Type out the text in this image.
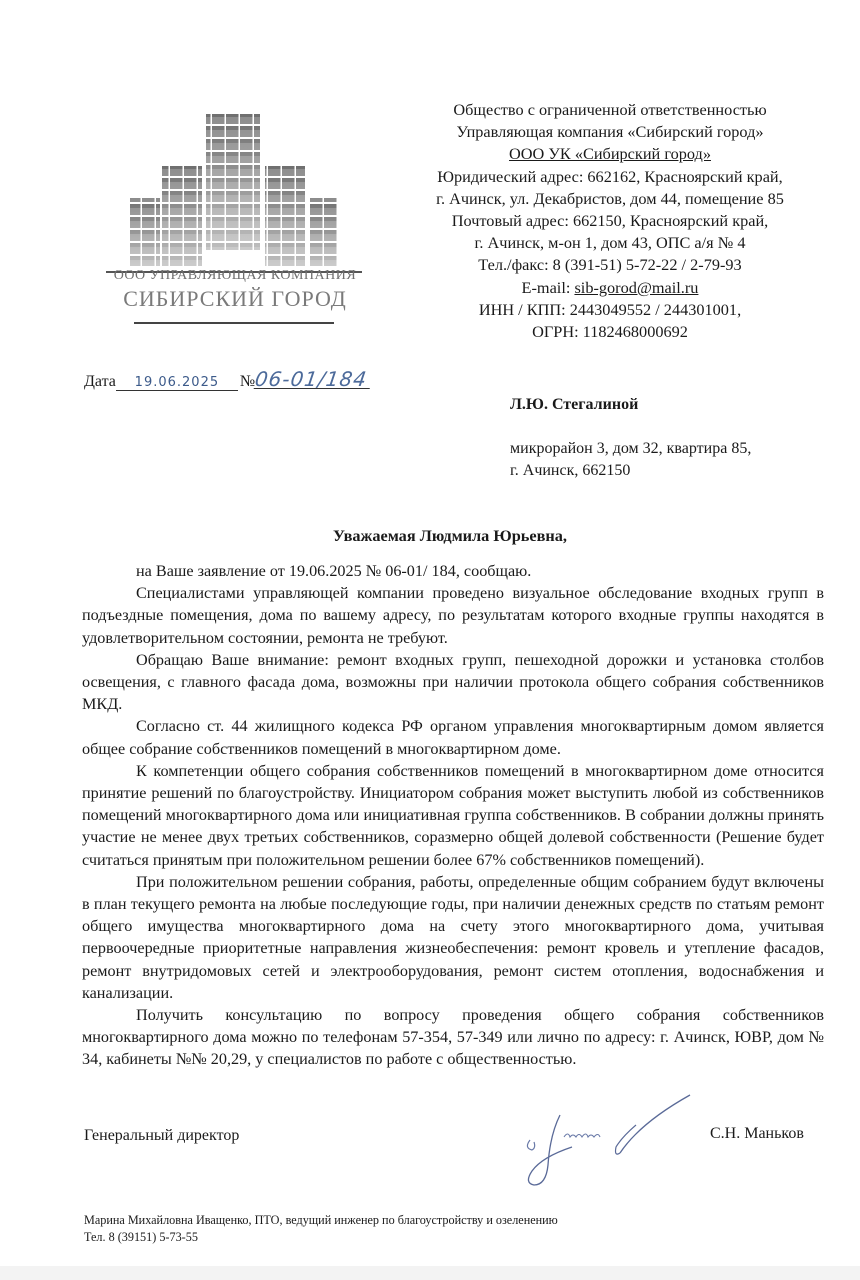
ООО УПРАВЛЯЮЩАЯ КОМПАНИЯ
СИБИРСКИЙ ГОРОД
Общество с ограниченной ответственностью
Управляющая компания «Сибирский город»
ООО УК «Сибирский город»
Юридический адрес: 662162, Красноярский край,
г. Ачинск, ул. Декабристов, дом 44, помещение 85
Почтовый адрес: 662150, Красноярский край,
г. Ачинск, м-он 1, дом 43, ОПС а/я № 4
Тел./факс: 8 (391-51) 5-72-22 / 2-79-93
E-mail: sib-gorod@mail.ru
ИНН / КПП: 2443049552 / 244301001,
ОГРН: 1182468000692
Дата 19.06.2025 №06-01/184
Л.Ю. Стегалиной
микрорайон 3, дом 32, квартира 85,
г. Ачинск, 662150
Уважаемая Людмила Юрьевна,

на Ваше заявление от 19.06.2025 № 06-01/ 184, сообщаю.

Специалистами управляющей компании проведено визуальное обследование входных групп в подъездные помещения, дома по вашему адресу, по результатам которого входные группы находятся в удовлетворительном состоянии, ремонта не требуют.

Обращаю Ваше внимание: ремонт входных групп, пешеходной дорожки и установка столбов освещения, с главного фасада дома, возможны при наличии протокола общего собрания собственников МКД.

Согласно ст. 44 жилищного кодекса РФ органом управления многоквартирным домом является общее собрание собственников помещений в многоквартирном доме.

К компетенции общего собрания собственников помещений в многоквартирном доме относится принятие решений по благоустройству. Инициатором собрания может выступить любой из собственников помещений многоквартирного дома или инициативная группа собственников. В собрании должны принять участие не менее двух третьих собственников, соразмерно общей долевой собственности (Решение будет считаться принятым при положительном решении более 67% собственников помещений).

При положительном решении собрания, работы, определенные общим собранием будут включены в план текущего ремонта на любые последующие годы, при наличии денежных средств по статьям ремонт общего имущества многоквартирного дома на счету этого многоквартирного дома, учитывая первоочередные приоритетные направления жизнеобеспечения: ремонт кровель и утепление фасадов, ремонт внутридомовых сетей и электрооборудования, ремонт систем отопления, водоснабжения и канализации.

Получить консультацию по вопросу проведения общего собрания собственников многоквартирного дома можно по телефонам 57-354, 57-349 или лично по адресу: г. Ачинск, ЮВР, дом № 34, кабинеты №№ 20,29, у специалистов по работе с общественностью.

Генеральный директор	С.Н. Маньков
Марина Михайловна Иващенко, ПТО, ведущий инженер по благоустройству и озеленению
Тел. 8 (39151) 5-73-55
